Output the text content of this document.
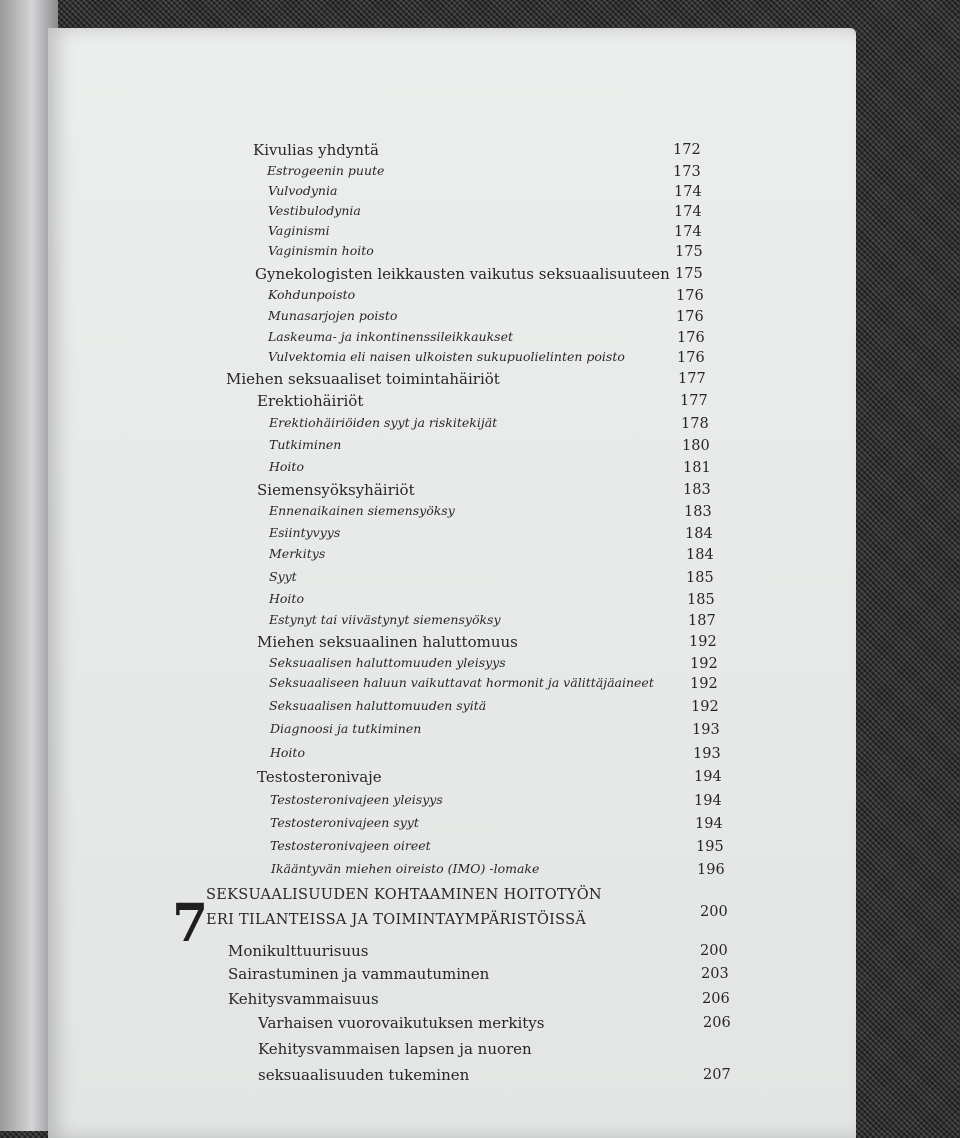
7
SEKSUAALISUUDEN KOHTAAMINEN HOITOTYÖN
ERI TILANTEISSA JA TOIMINTAYMPÄRISTÖISSÄ	200
Kivulias yhdyntä	172
Estrogeenin puute	173
Vulvodynia	174
Vestibulodynia	174
Vaginismi	174
Vaginismin hoito	175
Gynekologisten leikkausten vaikutus seksuaalisuuteen 175
Kohdunpoisto	176
Munasarjojen poisto	176
Laskeuma- ja inkontinenssileikkaukset	176
Vulvektomia eli naisen ulkoisten sukupuolielinten poisto	176
Miehen seksuaaliset toimintahäiriöt	177
Erektiohäiriöt	177
Erektiohäiriöiden syyt ja riskitekijät	178
Tutkiminen	180
Hoito	181
Siemensyöksyhäiriöt	183
Ennenaikainen siemensyöksy	183
Esiintyvyys	184
Merkitys	184
Syyt	185
Hoito	185
Estynyt tai viivästynyt siemensyöksy	187
Miehen seksuaalinen haluttomuus	192
Seksuaalisen haluttomuuden yleisyys	192
Seksuaaliseen haluun vaikuttavat hormonit ja välittäjäaineet 192
Seksuaalisen haluttomuuden syitä	192
Diagnoosi ja tutkiminen	193
Hoito	193
Testosteronivaje	194
Testosteronivajeen yleisyys	194
Testosteronivajeen syyt	194
Testosteronivajeen oireet	195
Ikääntyvän miehen oireisto (IMO) -lomake	196
Monikulttuurisuus	200
Sairastuminen ja vammautuminen	203
Kehitysvammaisuus	206
Varhaisen vuorovaikutuksen merkitys	206
Kehitysvammaisen lapsen ja nuoren
seksuaalisuuden tukeminen	207
